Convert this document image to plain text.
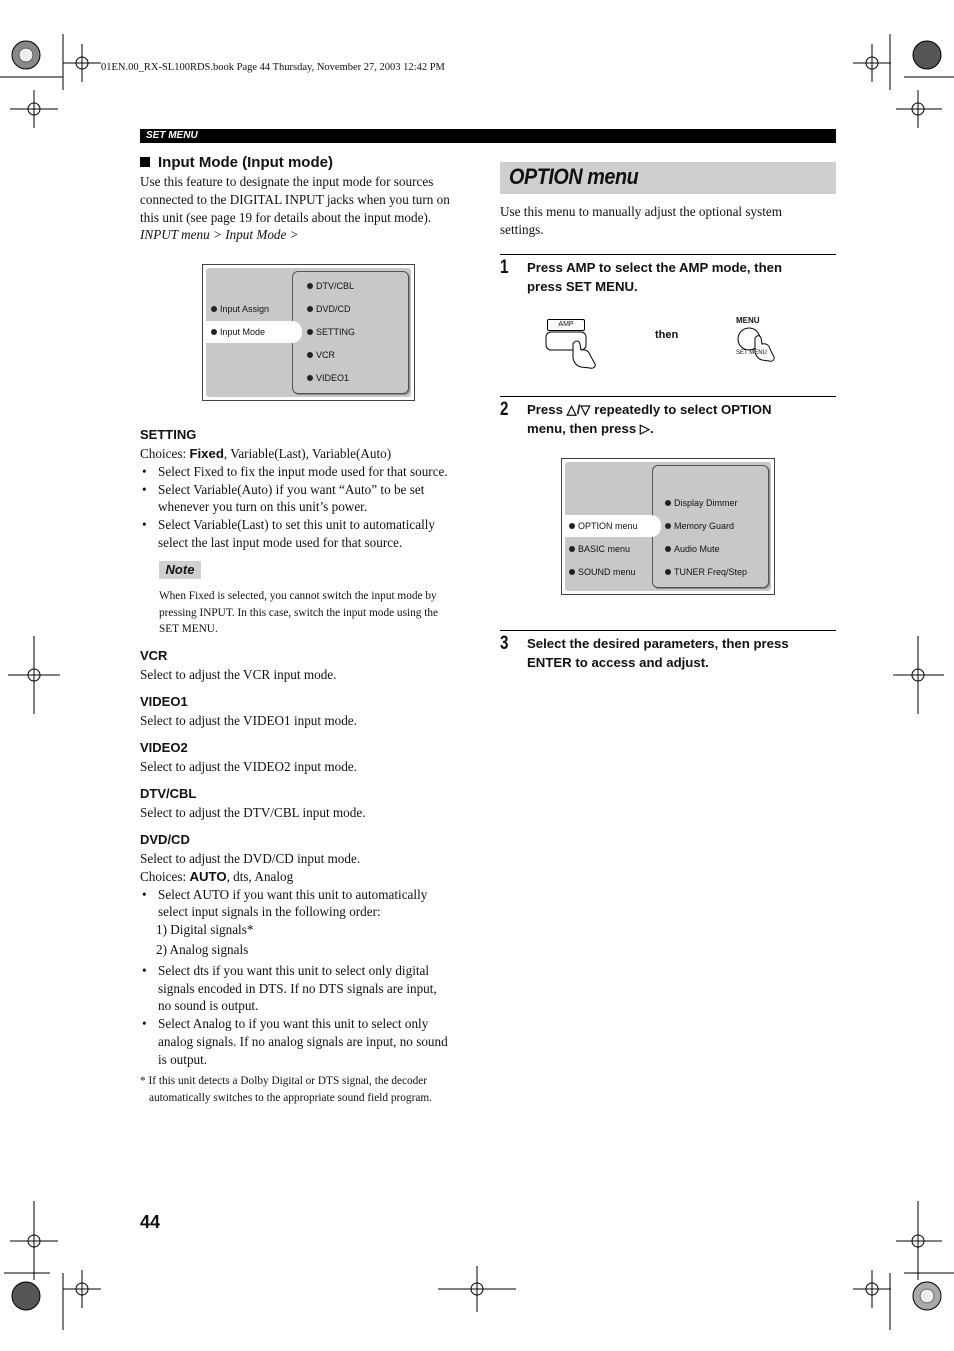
01EN.00_RX-SL100RDS.book Page 44 Thursday, November 27, 2003 12:42 PM
SET MENU
Input Mode (Input mode)
Use this feature to designate the input mode for sources
connected to the DIGITAL INPUT jacks when you turn on
this unit (see page 19 for details about the input mode).
INPUT menu > Input Mode >
Input Assign
Input Mode
DTV/CBL
DVD/CD
SETTING
VCR
VIDEO1
SETTING
Choices: Fixed, Variable(Last), Variable(Auto)
• Select Fixed to fix the input mode used for that source.
• Select Variable(Auto) if you want “Auto” to be set
whenever you turn on this unit’s power.
• Select Variable(Last) to set this unit to automatically
select the last input mode used for that source.
Note
When Fixed is selected, you cannot switch the input mode by
pressing INPUT. In this case, switch the input mode using the
SET MENU.
VCR
Select to adjust the VCR input mode.
VIDEO1
Select to adjust the VIDEO1 input mode.
VIDEO2
Select to adjust the VIDEO2 input mode.
DTV/CBL
Select to adjust the DTV/CBL input mode.
DVD/CD
Select to adjust the DVD/CD input mode.
Choices: AUTO, dts, Analog
• Select AUTO if you want this unit to automatically
select input signals in the following order:
1) Digital signals*
2) Analog signals
• Select dts if you want this unit to select only digital
signals encoded in DTS. If no DTS signals are input,
no sound is output.
• Select Analog to if you want this unit to select only
analog signals. If no analog signals are input, no sound
is output.
* If this unit detects a Dolby Digital or DTS signal, the decoder
automatically switches to the appropriate sound field program.
OPTION menu
Use this menu to manually adjust the optional system
settings.
1 Press AMP to select the AMP mode, then
press SET MENU.
AMP
then
MENU
SET MENU
2 Press △/▽ repeatedly to select OPTION
menu, then press ▷.
OPTION menu
BASIC menu
SOUND menu
Display Dimmer
Memory Guard
Audio Mute
TUNER Freq/Step
3 Select the desired parameters, then press
ENTER to access and adjust.
44
